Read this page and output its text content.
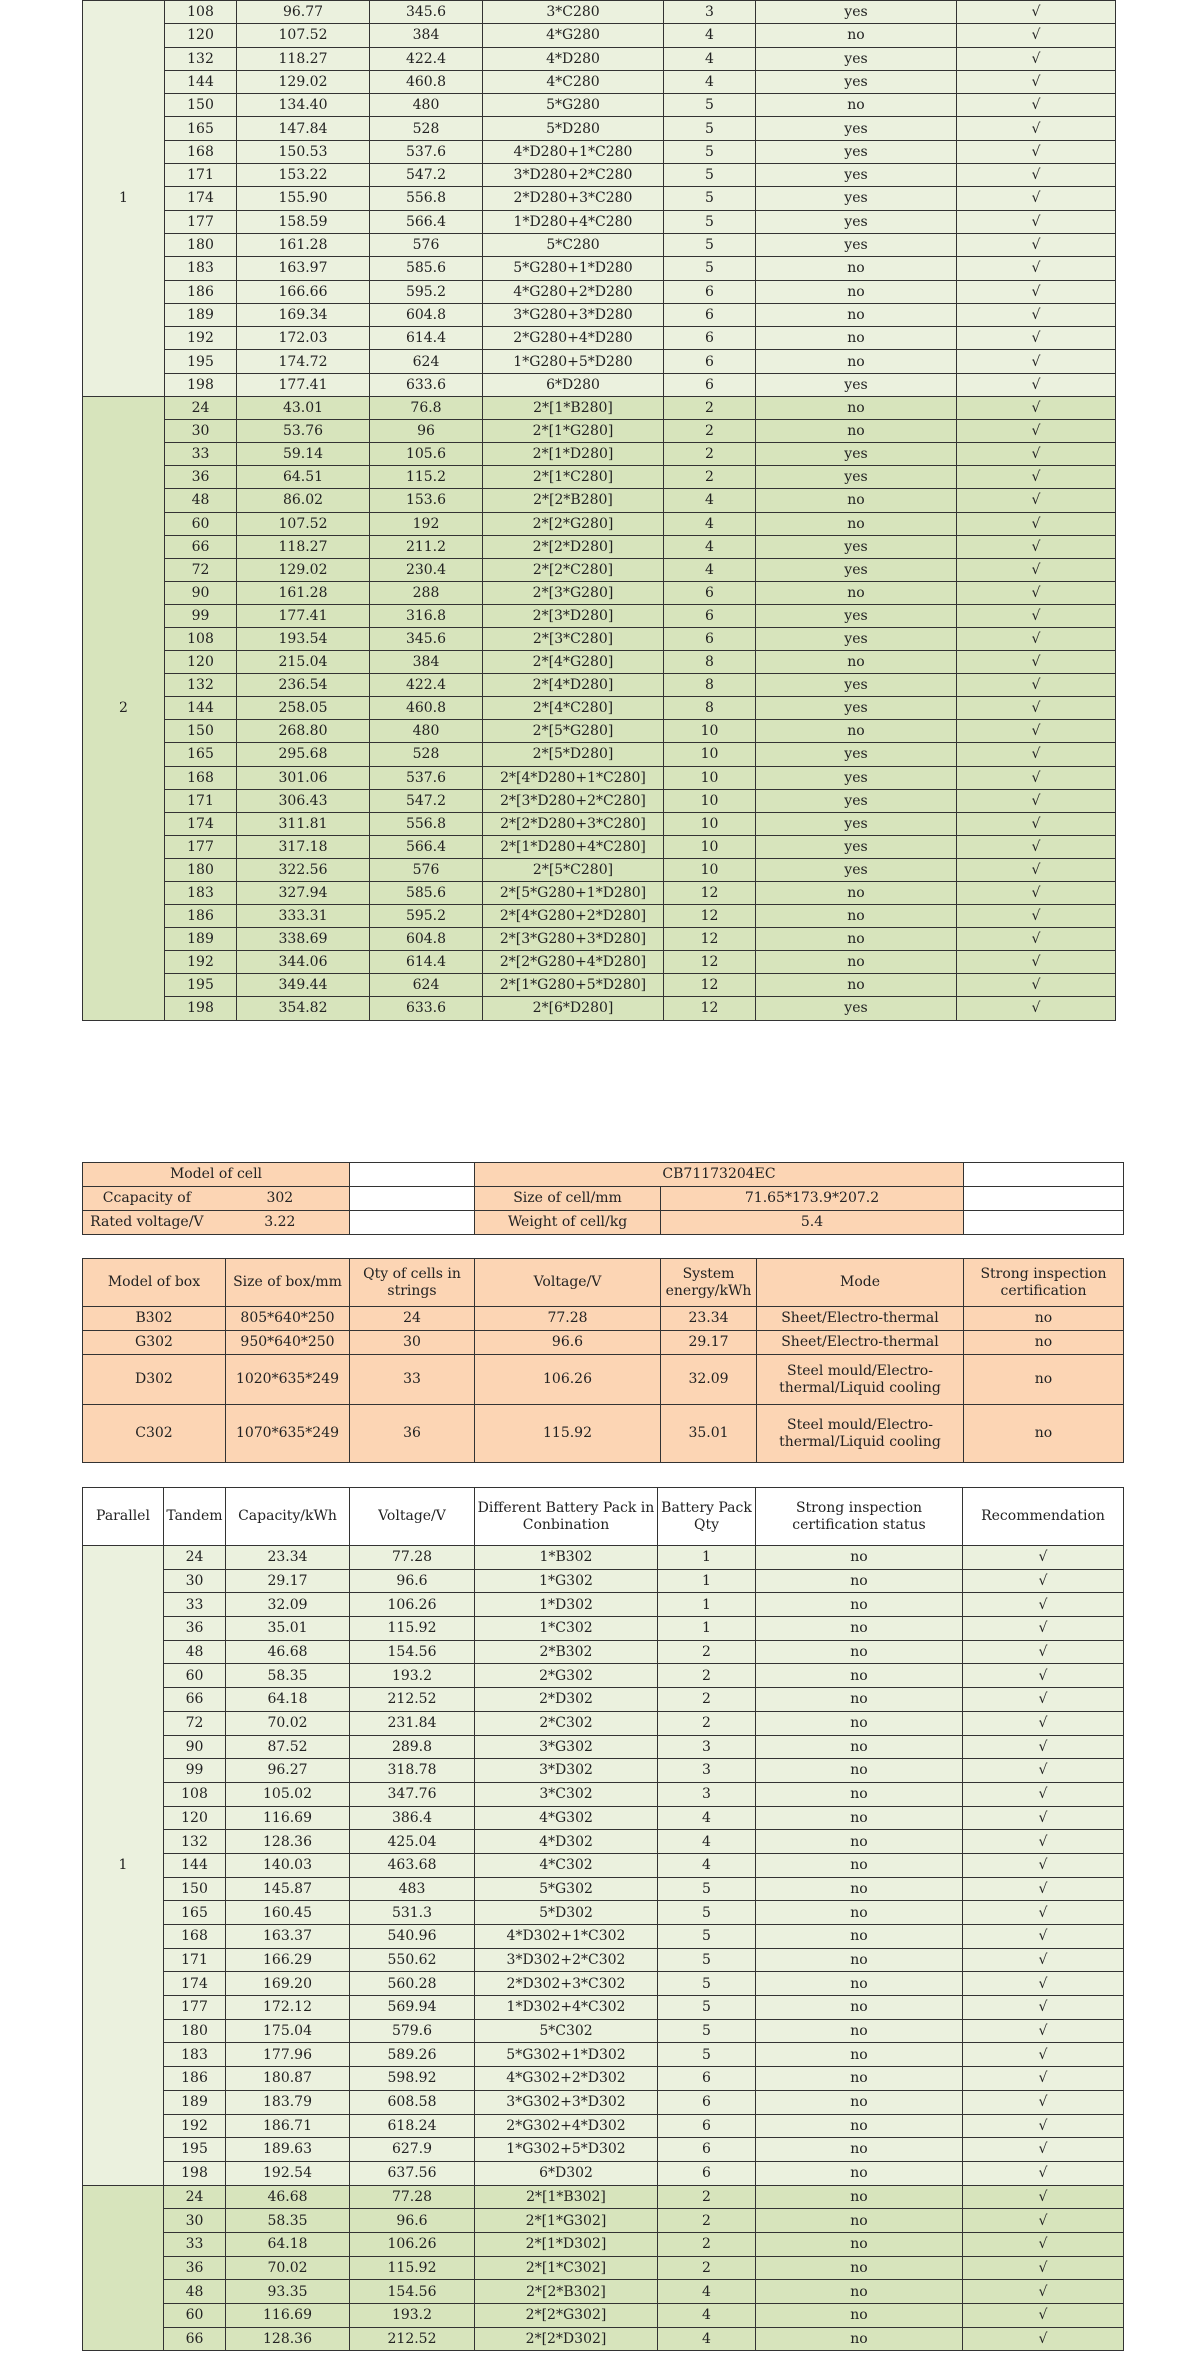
1	108	96.77	345.6	3*C280	3	yes	√
	120	107.52	384	4*G280	4	no	√
	132	118.27	422.4	4*D280	4	yes	√
	144	129.02	460.8	4*C280	4	yes	√
	150	134.40	480	5*G280	5	no	√
	165	147.84	528	5*D280	5	yes	√
	168	150.53	537.6	4*D280+1*C280	5	yes	√
	171	153.22	547.2	3*D280+2*C280	5	yes	√
	174	155.90	556.8	2*D280+3*C280	5	yes	√
	177	158.59	566.4	1*D280+4*C280	5	yes	√
	180	161.28	576	5*C280	5	yes	√
	183	163.97	585.6	5*G280+1*D280	5	no	√
	186	166.66	595.2	4*G280+2*D280	6	no	√
	189	169.34	604.8	3*G280+3*D280	6	no	√
	192	172.03	614.4	2*G280+4*D280	6	no	√
	195	174.72	624	1*G280+5*D280	6	no	√
	198	177.41	633.6	6*D280	6	yes	√
2	24	43.01	76.8	2*[1*B280]	2	no	√
	30	53.76	96	2*[1*G280]	2	no	√
	33	59.14	105.6	2*[1*D280]	2	yes	√
	36	64.51	115.2	2*[1*C280]	2	yes	√
	48	86.02	153.6	2*[2*B280]	4	no	√
	60	107.52	192	2*[2*G280]	4	no	√
	66	118.27	211.2	2*[2*D280]	4	yes	√
	72	129.02	230.4	2*[2*C280]	4	yes	√
	90	161.28	288	2*[3*G280]	6	no	√
	99	177.41	316.8	2*[3*D280]	6	yes	√
	108	193.54	345.6	2*[3*C280]	6	yes	√
	120	215.04	384	2*[4*G280]	8	no	√
	132	236.54	422.4	2*[4*D280]	8	yes	√
	144	258.05	460.8	2*[4*C280]	8	yes	√
	150	268.80	480	2*[5*G280]	10	no	√
	165	295.68	528	2*[5*D280]	10	yes	√
	168	301.06	537.6	2*[4*D280+1*C280]	10	yes	√
	171	306.43	547.2	2*[3*D280+2*C280]	10	yes	√
	174	311.81	556.8	2*[2*D280+3*C280]	10	yes	√
	177	317.18	566.4	2*[1*D280+4*C280]	10	yes	√
	180	322.56	576	2*[5*C280]	10	yes	√
	183	327.94	585.6	2*[5*G280+1*D280]	12	no	√
	186	333.31	595.2	2*[4*G280+2*D280]	12	no	√
	189	338.69	604.8	2*[3*G280+3*D280]	12	no	√
	192	344.06	614.4	2*[2*G280+4*D280]	12	no	√
	195	349.44	624	2*[1*G280+5*D280]	12	no	√
	198	354.82	633.6	2*[6*D280]	12	yes	√
Model of cell		CB71173204EC		
Ccapacity of 302		Size of cell/mm	71.65*173.9*207.2	
Rated voltage/V 3.22		Weight of cell/kg	5.4	
Model of box	Size of box/mm	Qty of cells in strings	Voltage/V	System energy/kWh	Mode	Strong inspection certification
B302	805*640*250	24	77.28	23.34	Sheet/Electro-thermal	no
G302	950*640*250	30	96.6	29.17	Sheet/Electro-thermal	no
D302	1020*635*249	33	106.26	32.09	Steel mould/Electro-thermal/Liquid cooling	no
C302	1070*635*249	36	115.92	35.01	Steel mould/Electro-thermal/Liquid cooling	no
Parallel	Tandem	Capacity/kWh	Voltage/V	Different Battery Pack in Conbination	Battery Pack Qty	Strong inspection certification status	Recommendation
1	24	23.34	77.28	1*B302	1	no	√
	30	29.17	96.6	1*G302	1	no	√
	33	32.09	106.26	1*D302	1	no	√
	36	35.01	115.92	1*C302	1	no	√
	48	46.68	154.56	2*B302	2	no	√
	60	58.35	193.2	2*G302	2	no	√
	66	64.18	212.52	2*D302	2	no	√
	72	70.02	231.84	2*C302	2	no	√
	90	87.52	289.8	3*G302	3	no	√
	99	96.27	318.78	3*D302	3	no	√
	108	105.02	347.76	3*C302	3	no	√
	120	116.69	386.4	4*G302	4	no	√
	132	128.36	425.04	4*D302	4	no	√
	144	140.03	463.68	4*C302	4	no	√
	150	145.87	483	5*G302	5	no	√
	165	160.45	531.3	5*D302	5	no	√
	168	163.37	540.96	4*D302+1*C302	5	no	√
	171	166.29	550.62	3*D302+2*C302	5	no	√
	174	169.20	560.28	2*D302+3*C302	5	no	√
	177	172.12	569.94	1*D302+4*C302	5	no	√
	180	175.04	579.6	5*C302	5	no	√
	183	177.96	589.26	5*G302+1*D302	5	no	√
	186	180.87	598.92	4*G302+2*D302	6	no	√
	189	183.79	608.58	3*G302+3*D302	6	no	√
	192	186.71	618.24	2*G302+4*D302	6	no	√
	195	189.63	627.9	1*G302+5*D302	6	no	√
	198	192.54	637.56	6*D302	6	no	√
	24	46.68	77.28	2*[1*B302]	2	no	√
	30	58.35	96.6	2*[1*G302]	2	no	√
	33	64.18	106.26	2*[1*D302]	2	no	√
	36	70.02	115.92	2*[1*C302]	2	no	√
	48	93.35	154.56	2*[2*B302]	4	no	√
	60	116.69	193.2	2*[2*G302]	4	no	√
	66	128.36	212.52	2*[2*D302]	4	no	√
